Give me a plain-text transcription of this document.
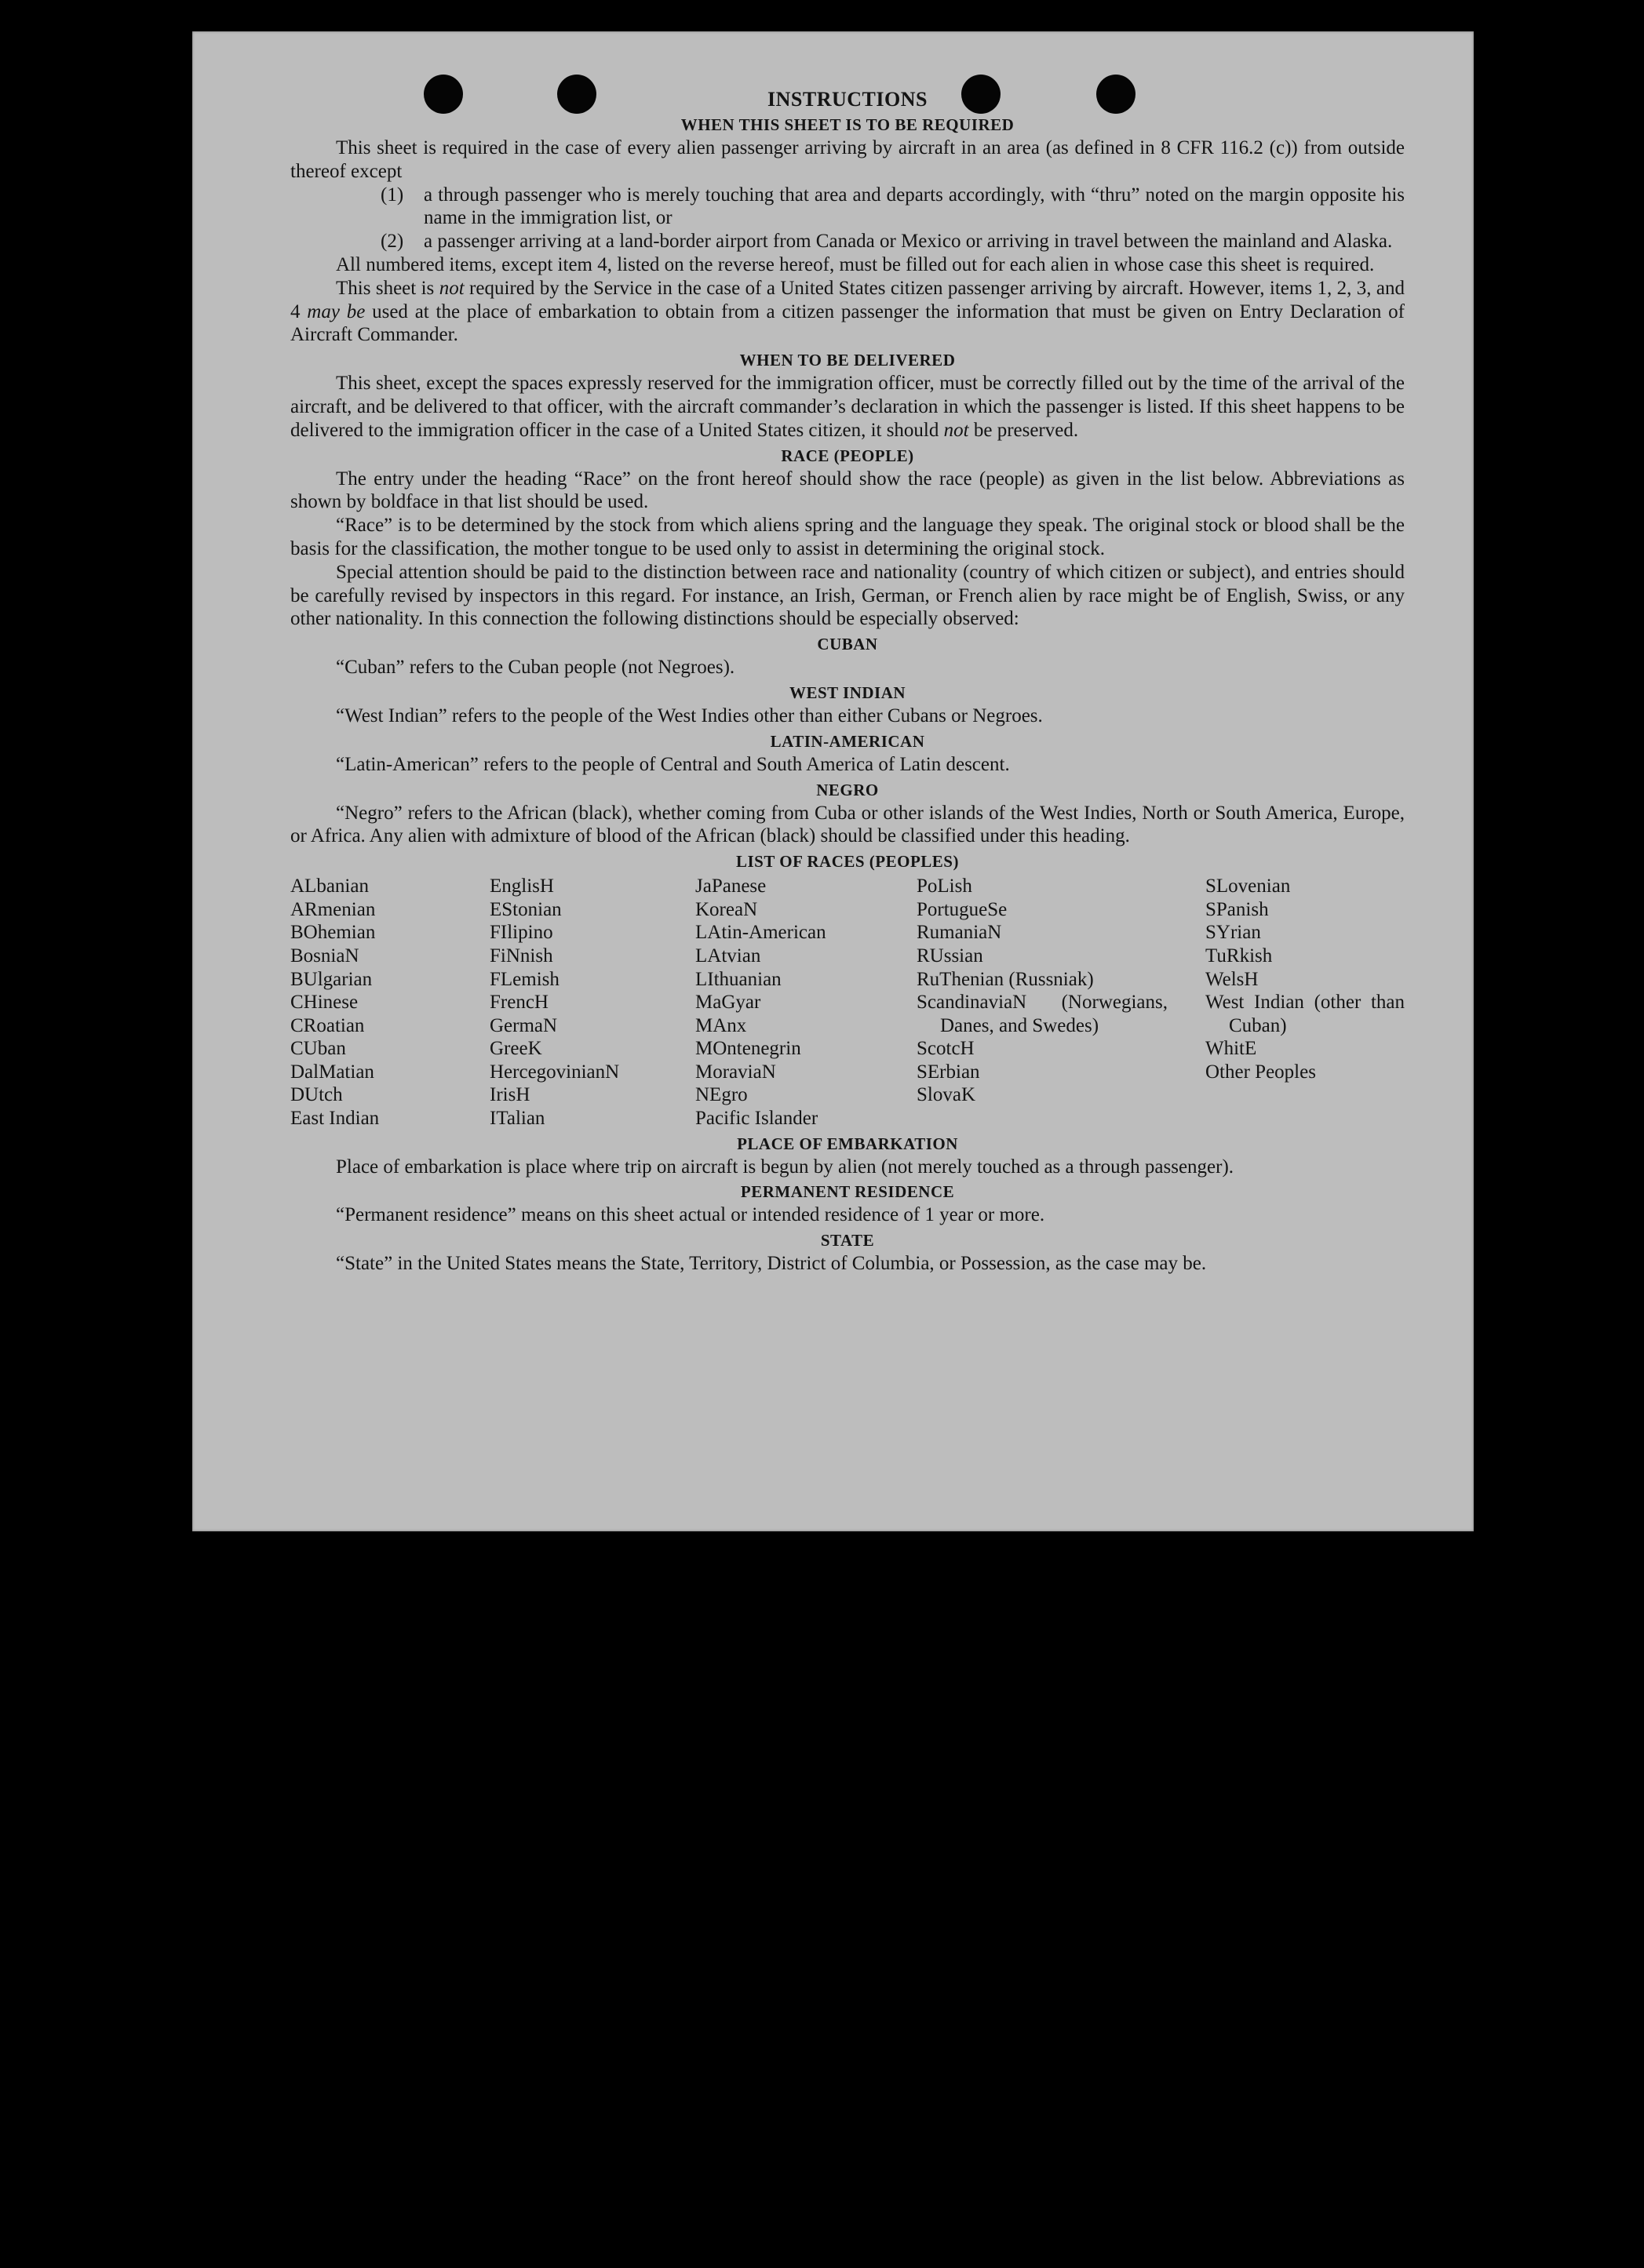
INSTRUCTIONS
WHEN THIS SHEET IS TO BE REQUIRED

This sheet is required in the case of every alien passenger arriving by aircraft in an area (as defined in 8 CFR 116.2 (c)) from outside thereof except

(1)	a through passenger who is merely touching that area and departs accordingly, with “thru” noted on the margin opposite his name in the immigration list, or
(2)	a passenger arriving at a land-border airport from Canada or Mexico or arriving in travel between the mainland and Alaska.

All numbered items, except item 4, listed on the reverse hereof, must be filled out for each alien in whose case this sheet is required.

This sheet is not required by the Service in the case of a United States citizen passenger arriving by aircraft. However, items 1, 2, 3, and 4 may be used at the place of embarkation to obtain from a citizen passenger the information that must be given on Entry Declaration of Aircraft Commander.

WHEN TO BE DELIVERED

This sheet, except the spaces expressly reserved for the immigration officer, must be correctly filled out by the time of the arrival of the aircraft, and be delivered to that officer, with the aircraft commander’s declaration in which the passenger is listed. If this sheet happens to be delivered to the immigration officer in the case of a United States citizen, it should not be preserved.

RACE (PEOPLE)

The entry under the heading “Race” on the front hereof should show the race (people) as given in the list below. Abbreviations as shown by boldface in that list should be used.

“Race” is to be determined by the stock from which aliens spring and the language they speak. The original stock or blood shall be the basis for the classification, the mother tongue to be used only to assist in determining the original stock.

Special attention should be paid to the distinction between race and nationality (country of which citizen or subject), and entries should be carefully revised by inspectors in this regard. For instance, an Irish, German, or French alien by race might be of English, Swiss, or any other nationality. In this connection the following distinctions should be especially observed:

CUBAN

“Cuban” refers to the Cuban people (not Negroes).

WEST INDIAN

“West Indian” refers to the people of the West Indies other than either Cubans or Negroes.

LATIN-AMERICAN

“Latin-American” refers to the people of Central and South America of Latin descent.

NEGRO

“Negro” refers to the African (black), whether coming from Cuba or other islands of the West Indies, North or South America, Europe, or Africa. Any alien with admixture of blood of the African (black) should be classified under this heading.

LIST OF RACES (PEOPLES)
ALbanian
ARmenian
BOhemian
BosniaN
BUlgarian
CHinese
CRoatian
CUban
DalMatian
DUtch
East Indian
EnglisH
EStonian
FIlipino
FiNnish
FLemish
FrencH
GermaN
GreeK
HercegovinianN
IrisH
ITalian
JaPanese
KoreaN
LAtin-American
LAtvian
LIthuanian
MaGyar
MAnx
MOntenegrin
MoraviaN
NEgro
Pacific Islander
PoLish
PortugueSe
RumaniaN
RUssian
RuThenian (Russniak)
ScandinaviaN (Norwegians, Danes, and Swedes)
ScotcH
SErbian
SlovaK
SLovenian
SPanish
SYrian
TuRkish
WelsH
West Indian (other than Cuban)
WhitE
Other Peoples
PLACE OF EMBARKATION

Place of embarkation is place where trip on aircraft is begun by alien (not merely touched as a through passenger).

PERMANENT RESIDENCE

“Permanent residence” means on this sheet actual or intended residence of 1 year or more.

STATE

“State” in the United States means the State, Territory, District of Columbia, or Possession, as the case may be.
